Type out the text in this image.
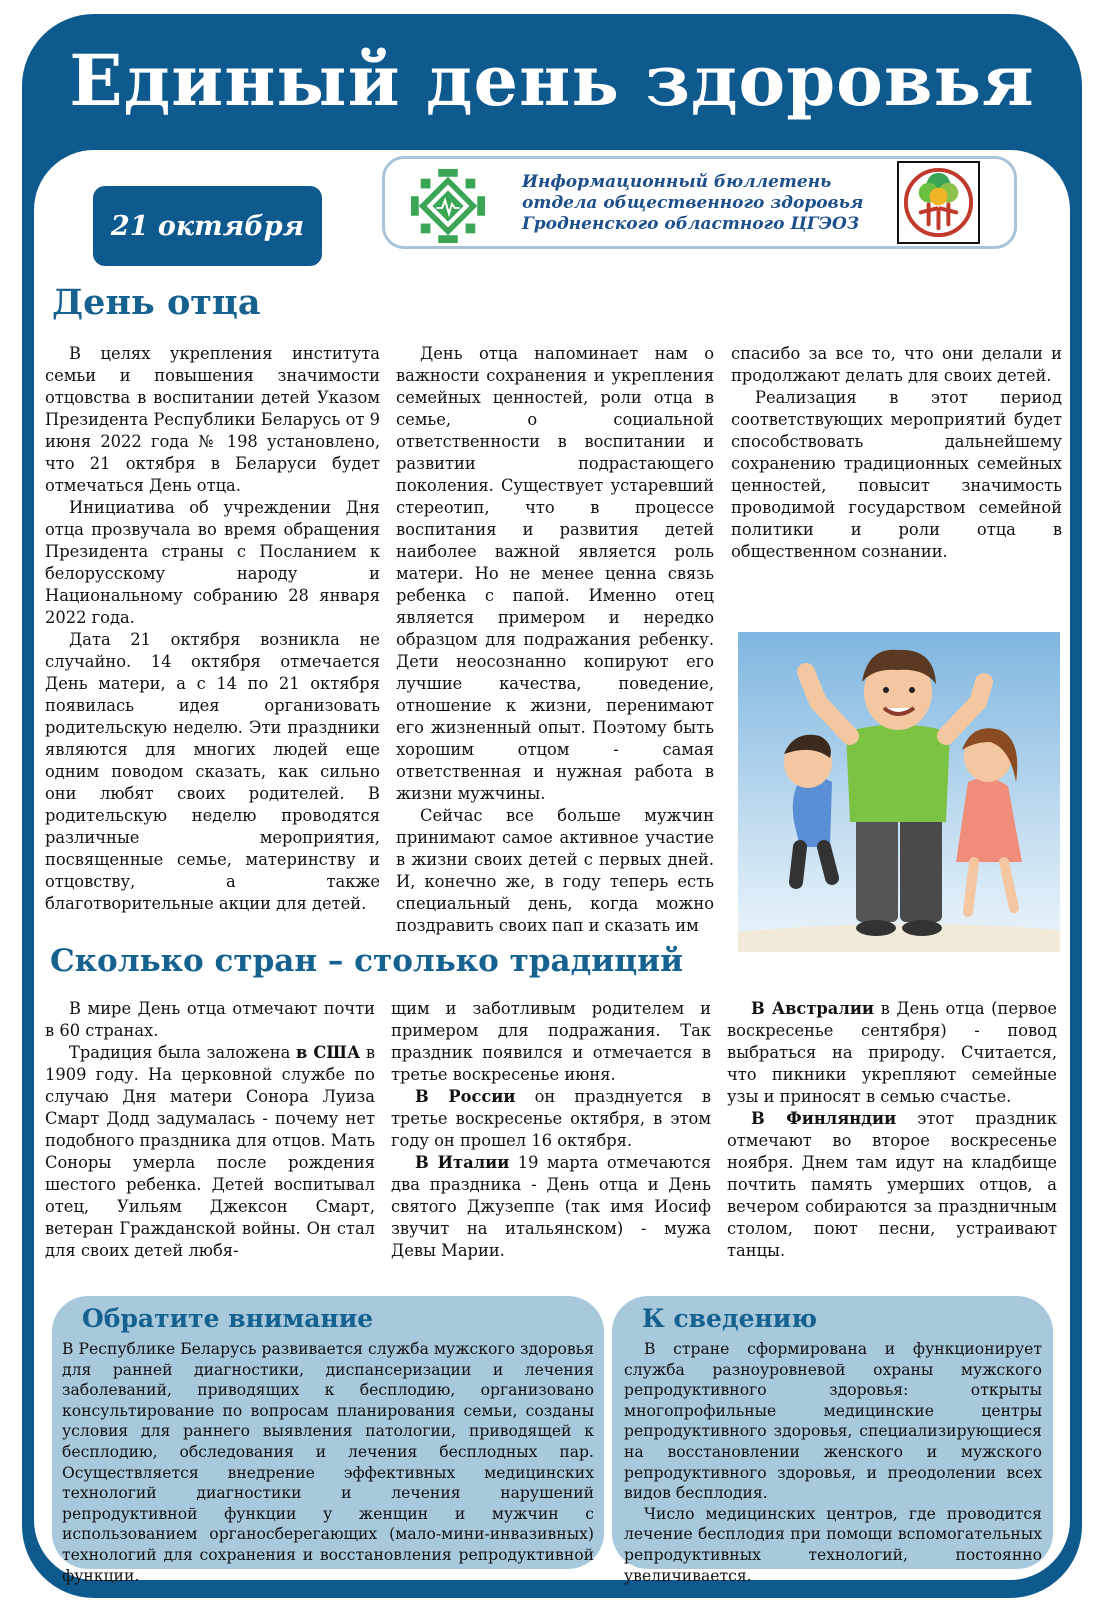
Единый день здоровья
21 октября
Информационный бюллетень
отдела общественного здоровья
Гродненского областного ЦГЭОЗ
День отца

В целях укрепления института семьи и повышения значимости отцовства в воспитании детей Указом Президента Республики Беларусь от 9 июня 2022 года № 198 установлено, что 21 октября в Беларуси будет отмечаться День отца.

Инициатива об учреждении Дня отца прозвучала во время обращения Президента страны с Посланием к белорусскому народу и Национальному собранию 28 января 2022 года.

Дата 21 октября возникла не случайно. 14 октября отмечается День матери, а с 14 по 21 октября появилась идея организовать родительскую неделю. Эти праздники являются для многих людей еще одним поводом сказать, как сильно они любят своих родителей. В родительскую неделю проводятся различные мероприятия, посвященные семье, материнству и отцовству, а также благотворительные акции для детей.

День отца напоминает нам о важности сохранения и укрепления семейных ценностей, роли отца в семье, о социальной ответственности в воспитании и развитии подрастающего поколения. Существует устаревший стереотип, что в процессе воспитания и развития детей наиболее важной является роль матери. Но не менее ценна связь ребенка с папой. Именно отец является примером и нередко образцом для подражания ребенку. Дети неосознанно копируют его лучшие качества, поведение, отношение к жизни, перенимают его жизненный опыт. Поэтому быть хорошим отцом - самая ответственная и нужная работа в жизни мужчины.

Сейчас все больше мужчин принимают самое активное участие в жизни своих детей с первых дней. И, конечно же, в году теперь есть специальный день, когда можно поздравить своих пап и сказать им

спасибо за все то, что они делали и продолжают делать для своих детей.

Реализация в этот период соответствующих мероприятий будет способствовать дальнейшему сохранению традиционных семейных ценностей, повысит значимость проводимой государством семейной политики и роли отца в общественном сознании.

Сколько стран – столько традиций

В мире День отца отмечают почти в 60 странах.

Традиция была заложена в США в 1909 году. На церковной службе по случаю Дня матери Сонора Луиза Смарт Додд задумалась - почему нет подобного праздника для отцов. Мать Соноры умерла после рождения шестого ребенка. Детей воспитывал отец, Уильям Джексон Смарт, ветеран Гражданской войны. Он стал для своих детей любя-

щим и заботливым родителем и примером для подражания. Так праздник появился и отмечается в третье воскресенье июня.

В России он празднуется в третье воскресенье октября, в этом году он прошел 16 октября.

В Италии 19 марта отмечаются два праздника - День отца и День святого Джузеппе (так имя Иосиф звучит на итальянском) - мужа Девы Марии.

В Австралии в День отца (первое воскресенье сентября) - повод выбраться на природу. Считается, что пикники укрепляют семейные узы и приносят в семью счастье.

В Финляндии этот праздник отмечают во второе воскресенье ноября. Днем там идут на кладбище почтить память умерших отцов, а вечером собираются за праздничным столом, поют песни, устраивают танцы.

Обратите внимание

В Республике Беларусь развивается служба мужского здоровья для ранней диагностики, диспансеризации и лечения заболеваний, приводящих к бесплодию, организовано консультирование по вопросам планирования семьи, созданы условия для раннего выявления патологии, приводящей к бесплодию, обследования и лечения бесплодных пар. Осуществляется внедрение эффективных медицинских технологий диагностики и лечения нарушений репродуктивной функции у женщин и мужчин с использованием органосберегающих (мало-мини-инвазивных) технологий для сохранения и восстановления репродуктивной функции.

К сведению

В стране сформирована и функционирует служба разноуровневой охраны мужского репродуктивного здоровья: открыты многопрофильные медицинские центры репродуктивного здоровья, специализирующиеся на восстановлении женского и мужского репродуктивного здоровья, и преодолении всех видов бесплодия.

Число медицинских центров, где проводится лечение бесплодия при помощи вспомогательных репродуктивных технологий, постоянно увеличивается.
